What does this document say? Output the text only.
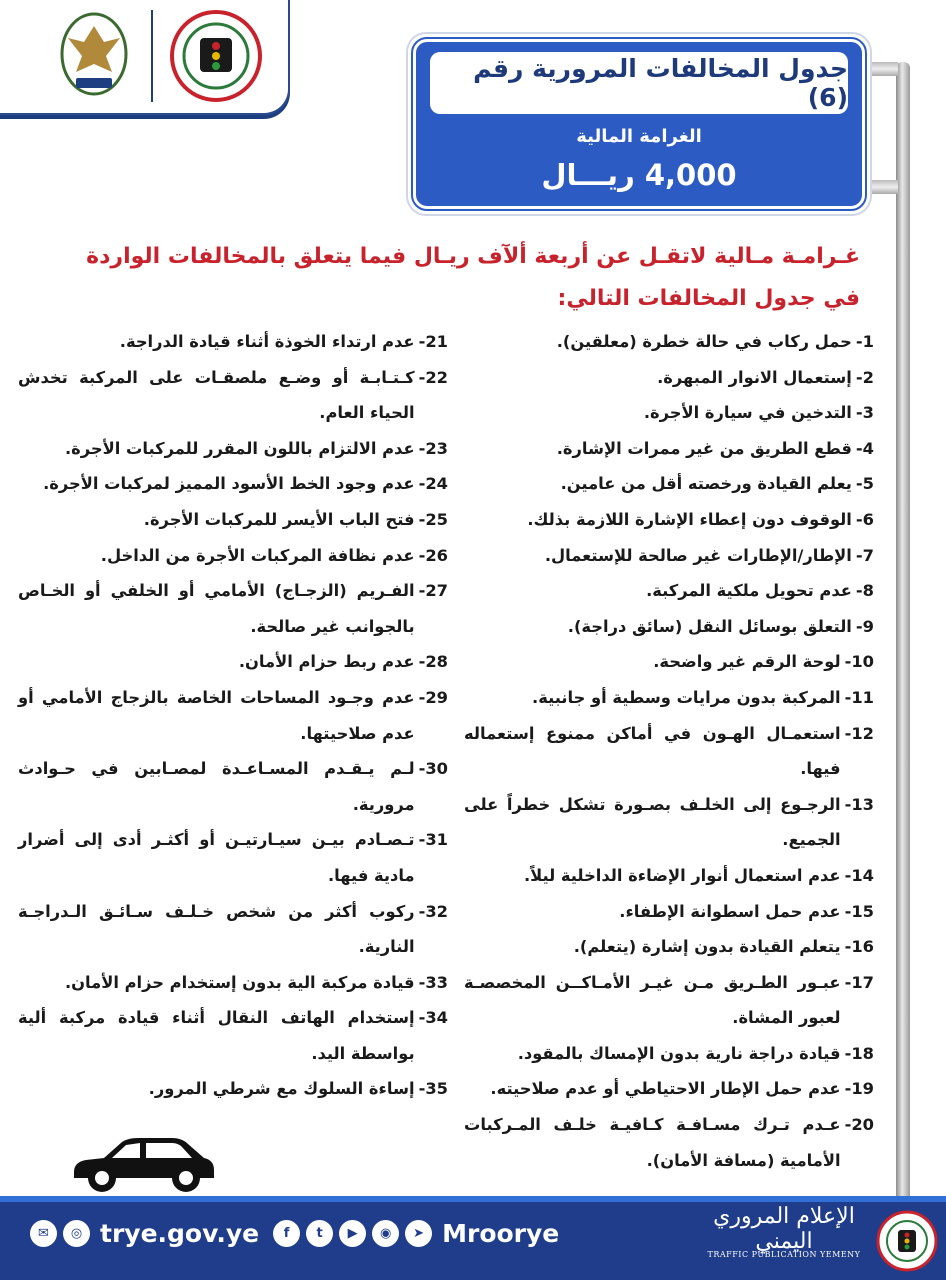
جدول المخالفات المرورية رقم (6)
الغرامة المالية
4,000 ريـــال
غـرامـة مـالية لاتقـل عن أربعة ألآف ريـال فيما يتعلق بالمخالفات الواردة
في جدول المخالفات التالي:
1-
حمل ركاب في حالة خطرة (معلقين).
2-
إستعمال الانوار المبهرة.
3-
التدخين في سيارة الأجرة.
4-
قطع الطريق من غير ممرات الإشارة.
5-
يعلم القيادة ورخصته أقل من عامين.
6-
الوقوف دون إعطاء الإشارة اللازمة بذلك.
7-
الإطار/الإطارات غير صالحة للإستعمال.
8-
عدم تحويل ملكية المركبة.
9-
التعلق بوسائل النقل (سائق دراجة).
10-
لوحة الرقم غير واضحة.
11-
المركبة بدون مرايات وسطية أو جانبية.
12-
استعمـال الهـون في أماكن ممنوع إستعماله فيها.
13-
الرجـوع إلى الخلـف بصـورة تشكل خطراً على الجميع.
14-
عدم استعمال أنوار الإضاءة الداخلية ليلاً.
15-
عدم حمل اسطوانة الإطفاء.
16-
يتعلم القيادة بدون إشارة (يتعلم).
17-
عبـور الطـريق مـن غيـر الأمـاكــن المخصصـة لعبور المشاة.
18-
قيادة دراجة نارية بدون الإمساك بالمقود.
19-
عدم حمل الإطار الاحتياطي أو عدم صلاحيته.
20-
عـدم تـرك مسـافـة كـافيـة خلـف المـركبات الأمامية (مسافة الأمان).
21-
عدم ارتداء الخوذة أثناء قيادة الدراجة.
22-
كـتـابـة أو وضـع ملصقـات على المركبة تخدش الحياء العام.
23-
عدم الالتزام باللون المقرر للمركبات الأجرة.
24-
عدم وجود الخط الأسود المميز لمركبات الأجرة.
25-
فتح الباب الأيسر للمركبات الأجرة.
26-
عدم نظافة المركبات الأجرة من الداخل.
27-
الفـريم (الزجـاج) الأمامي أو الخلفي أو الخـاص بالجوانب غير صالحة.
28-
عدم ربط حزام الأمان.
29-
عدم وجـود المساحات الخاصة بالزجاج الأمامي أو عدم صلاحيتها.
30-
لـم يـقـدم المسـاعـدة لمصـابين في حـوادث مرورية.
31-
تـصـادم بيـن سيـارتيـن أو أكثـر أدى إلى أضرار مادية فيها.
32-
ركوب أكثر من شخص خـلـف سـائـق الـدراجـة النارية.
33-
قيادة مركبة الية بدون إستخدام حزام الأمان.
34-
إستخدام الهاتف النقال أثناء قيادة مركبة ألية بواسطة اليد.
35-
إساءة السلوك مع شرطي المرور.
✉	◎ trye.gov.ye	f	t	▶	◉	➤ Mroorye
الإعلام المروري اليمني
TRAFFIC PUBLICATION YEMENY
